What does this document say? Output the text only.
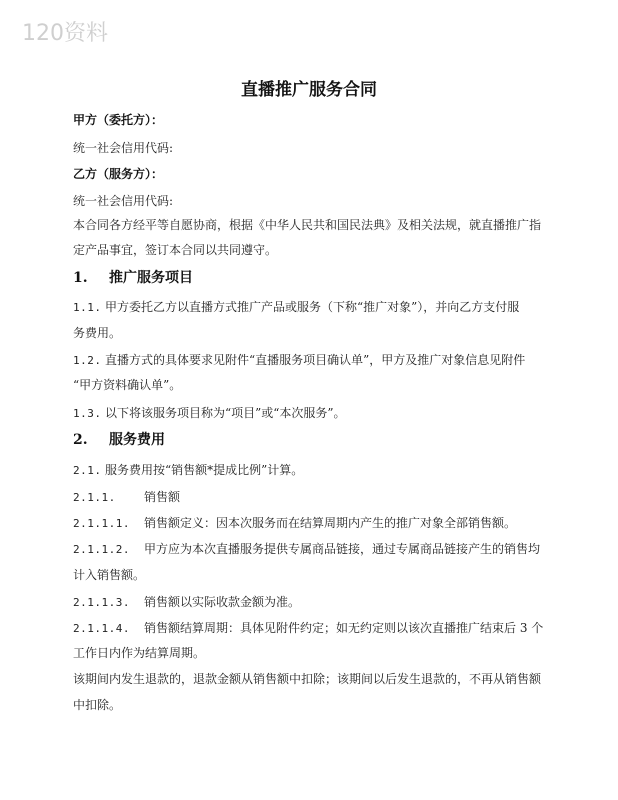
120资料
直播推广服务合同
甲方（委托方）：
统一社会信用代码:
乙方（服务方）：
统一社会信用代码:
本合同各方经平等自愿协商，根据《中华人民共和国民法典》及相关法规，就直播推广指
定产品事宜，签订本合同以共同遵守。
1. 推广服务项目
1.1. 甲方委托乙方以直播方式推广产品或服务（下称“推广对象”），并向乙方支付服
务费用。
1.2. 直播方式的具体要求见附件“直播服务项目确认单”，甲方及推广对象信息见附件
“甲方资料确认单”。
1.3. 以下将该服务项目称为“项目”或“本次服务”。
2. 服务费用
2.1. 服务费用按“销售额*提成比例”计算。
2.1.1. 销售额
2.1.1.1. 销售额定义：因本次服务而在结算周期内产生的推广对象全部销售额。
2.1.1.2. 甲方应为本次直播服务提供专属商品链接，通过专属商品链接产生的销售均
计入销售额。
2.1.1.3. 销售额以实际收款金额为准。
2.1.1.4. 销售额结算周期：具体见附件约定；如无约定则以该次直播推广结束后 3 个
工作日内作为结算周期。
该期间内发生退款的，退款金额从销售额中扣除；该期间以后发生退款的，不再从销售额
中扣除。
